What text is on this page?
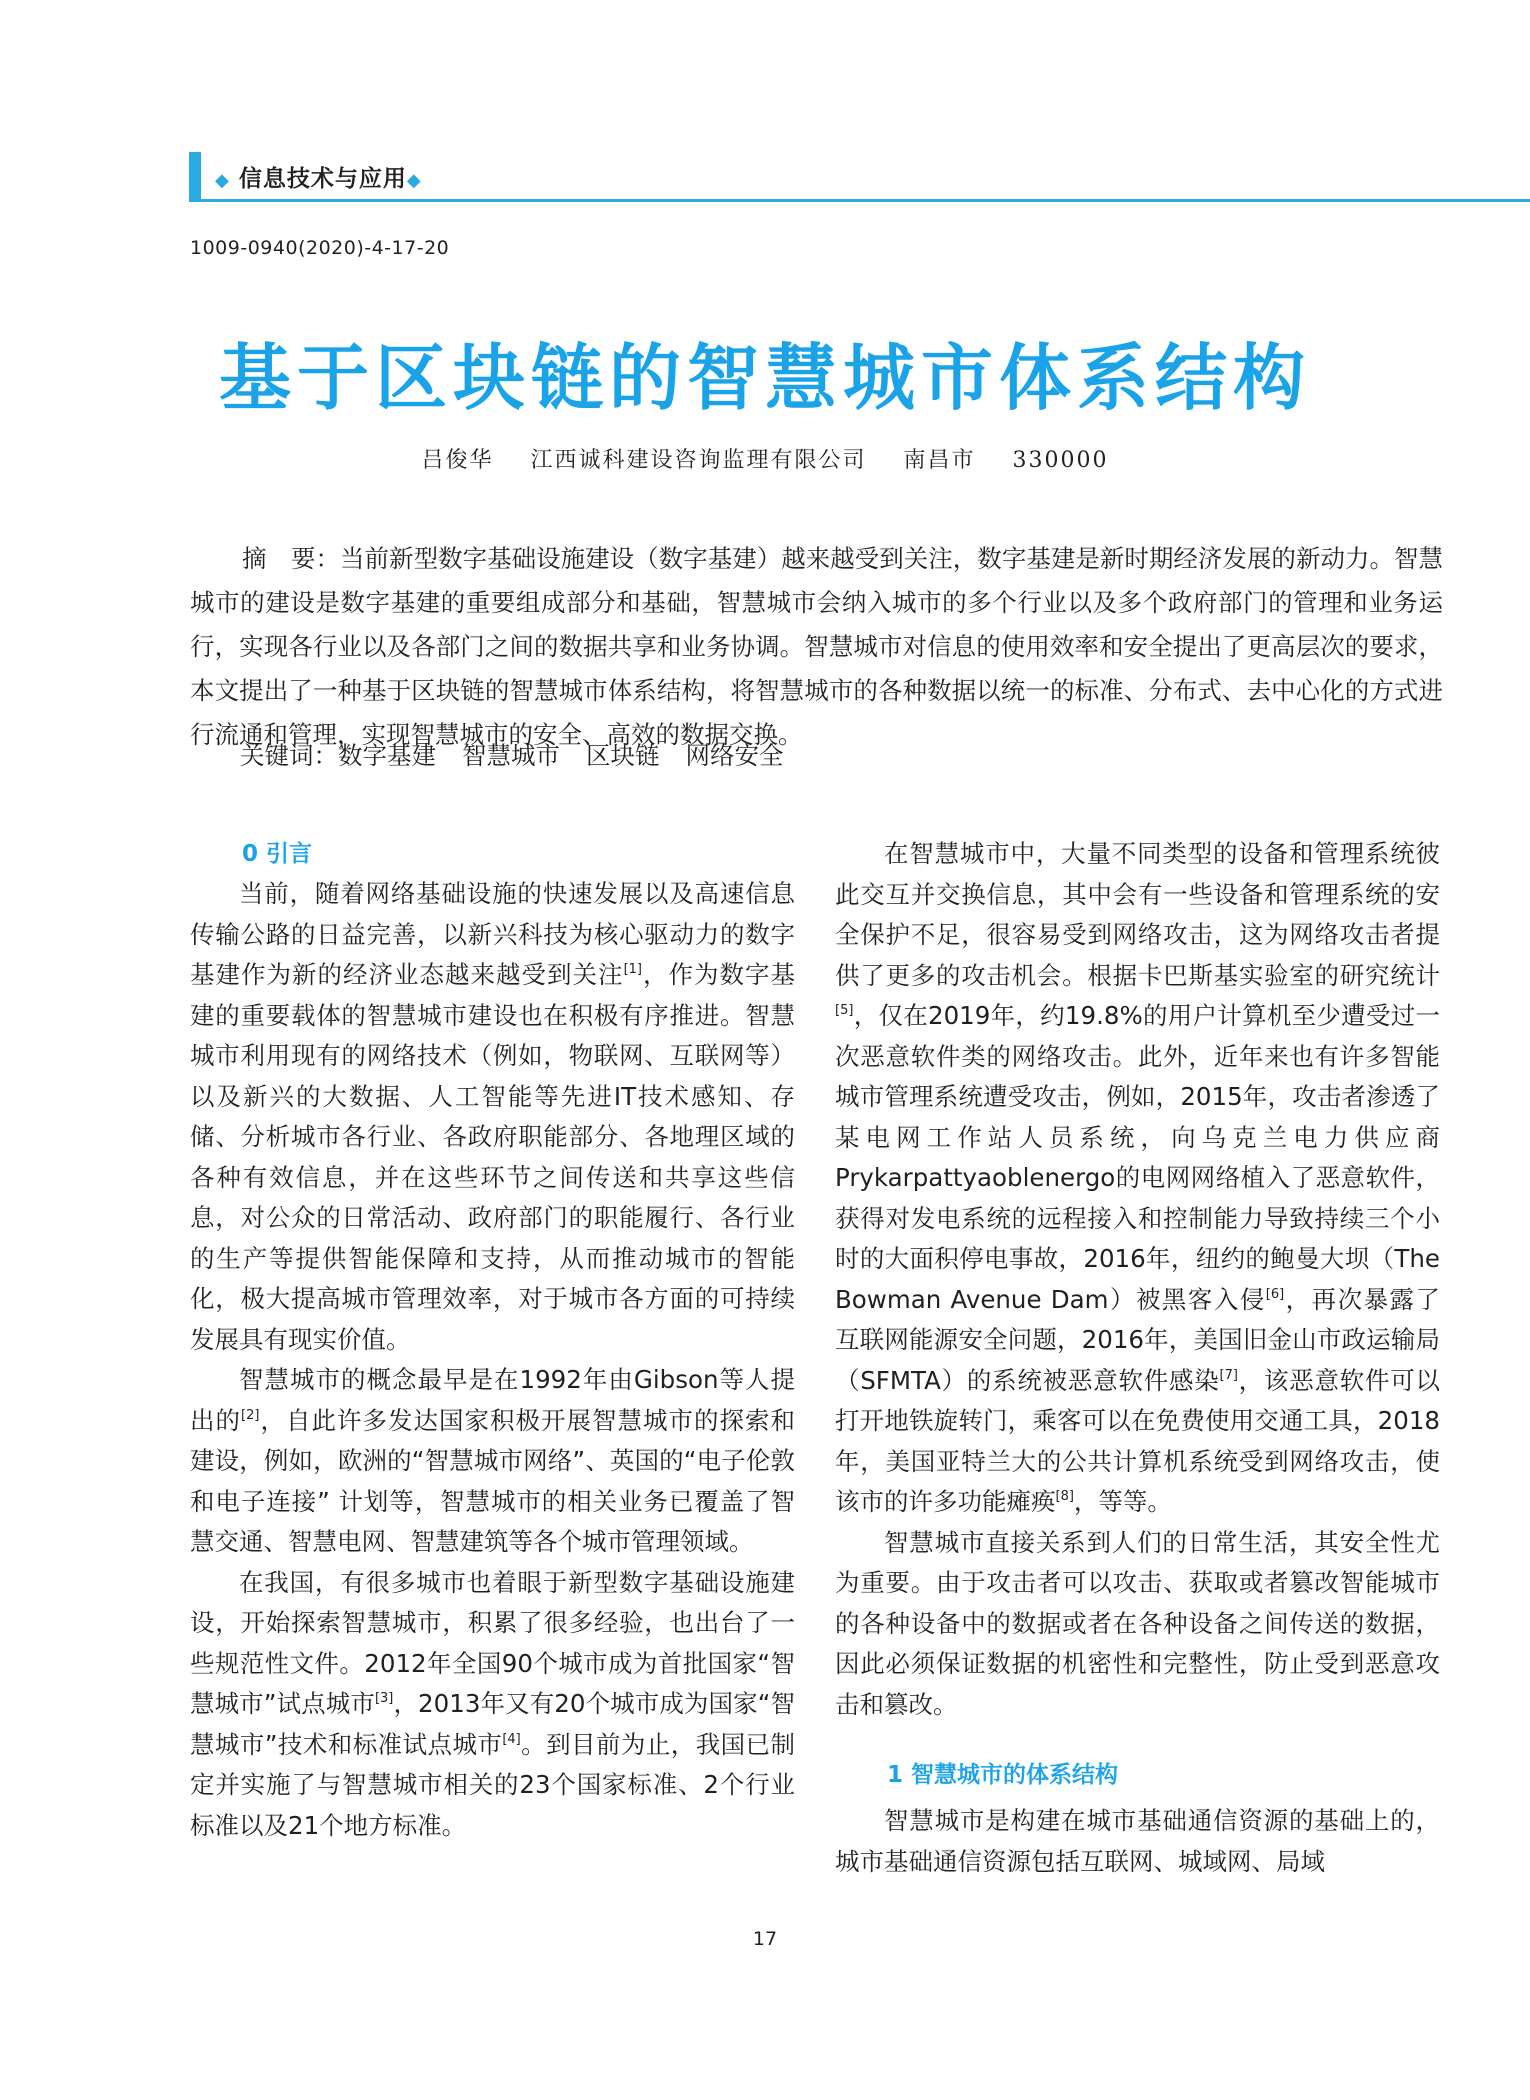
◆ 信息技术与应用◆
1009-0940(2020)-4-17-20
基于区块链的智慧城市体系结构
吕俊华 江西诚科建设咨询监理有限公司 南昌市 330000

摘　要：当前新型数字基础设施建设（数字基建）越来越受到关注，数字基建是新时期经济发展的新动力。智慧城市的建设是数字基建的重要组成部分和基础，智慧城市会纳入城市的多个行业以及多个政府部门的管理和业务运行，实现各行业以及各部门之间的数据共享和业务协调。智慧城市对信息的使用效率和安全提出了更高层次的要求，本文提出了一种基于区块链的智慧城市体系结构，将智慧城市的各种数据以统一的标准、分布式、去中心化的方式进行流通和管理，实现智慧城市的安全、高效的数据交换。

关键词：数字基建 智慧城市 区块链 网络安全
0 引言

当前，随着网络基础设施的快速发展以及高速信息传输公路的日益完善，以新兴科技为核心驱动力的数字基建作为新的经济业态越来越受到关注[1]，作为数字基建的重要载体的智慧城市建设也在积极有序推进。智慧城市利用现有的网络技术（例如，物联网、互联网等）以及新兴的大数据、人工智能等先进IT技术感知、存储、分析城市各行业、各政府职能部分、各地理区域的各种有效信息，并在这些环节之间传送和共享这些信息，对公众的日常活动、政府部门的职能履行、各行业的生产等提供智能保障和支持，从而推动城市的智能化，极大提高城市管理效率，对于城市各方面的可持续发展具有现实价值。

智慧城市的概念最早是在1992年由Gibson等人提出的[2]，自此许多发达国家积极开展智慧城市的探索和建设，例如，欧洲的“智慧城市网络”、英国的“电子伦敦和电子连接” 计划等，智慧城市的相关业务已覆盖了智慧交通、智慧电网、智慧建筑等各个城市管理领域。

在我国，有很多城市也着眼于新型数字基础设施建设，开始探索智慧城市，积累了很多经验，也出台了一些规范性文件。2012年全国90个城市成为首批国家“智慧城市”试点城市[3]，2013年又有20个城市成为国家“智慧城市”技术和标准试点城市[4]。到目前为止，我国已制定并实施了与智慧城市相关的23个国家标准、2个行业标准以及21个地方标准。

在智慧城市中，大量不同类型的设备和管理系统彼此交互并交换信息，其中会有一些设备和管理系统的安全保护不足，很容易受到网络攻击，这为网络攻击者提供了更多的攻击机会。根据卡巴斯基实验室的研究统计[5]，仅在2019年，约19.8%的用户计算机至少遭受过一次恶意软件类的网络攻击。此外，近年来也有许多智能城市管理系统遭受攻击，例如，2015年，攻击者渗透了某电网工作站人员系统，向乌克兰电力供应商Prykarpattyaoblenergo的电网网络植入了恶意软件，获得对发电系统的远程接入和控制能力导致持续三个小时的大面积停电事故，2016年，纽约的鲍曼大坝（The Bowman Avenue Dam）被黑客入侵[6]，再次暴露了互联网能源安全问题，2016年，美国旧金山市政运输局（SFMTA）的系统被恶意软件感染[7]，该恶意软件可以打开地铁旋转门，乘客可以在免费使用交通工具，2018年，美国亚特兰大的公共计算机系统受到网络攻击，使该市的许多功能瘫痪[8]，等等。

智慧城市直接关系到人们的日常生活，其安全性尤为重要。由于攻击者可以攻击、获取或者篡改智能城市的各种设备中的数据或者在各种设备之间传送的数据，因此必须保证数据的机密性和完整性，防止受到恶意攻击和篡改。

1 智慧城市的体系结构

智慧城市是构建在城市基础通信资源的基础上的，城市基础通信资源包括互联网、城域网、局域

17
